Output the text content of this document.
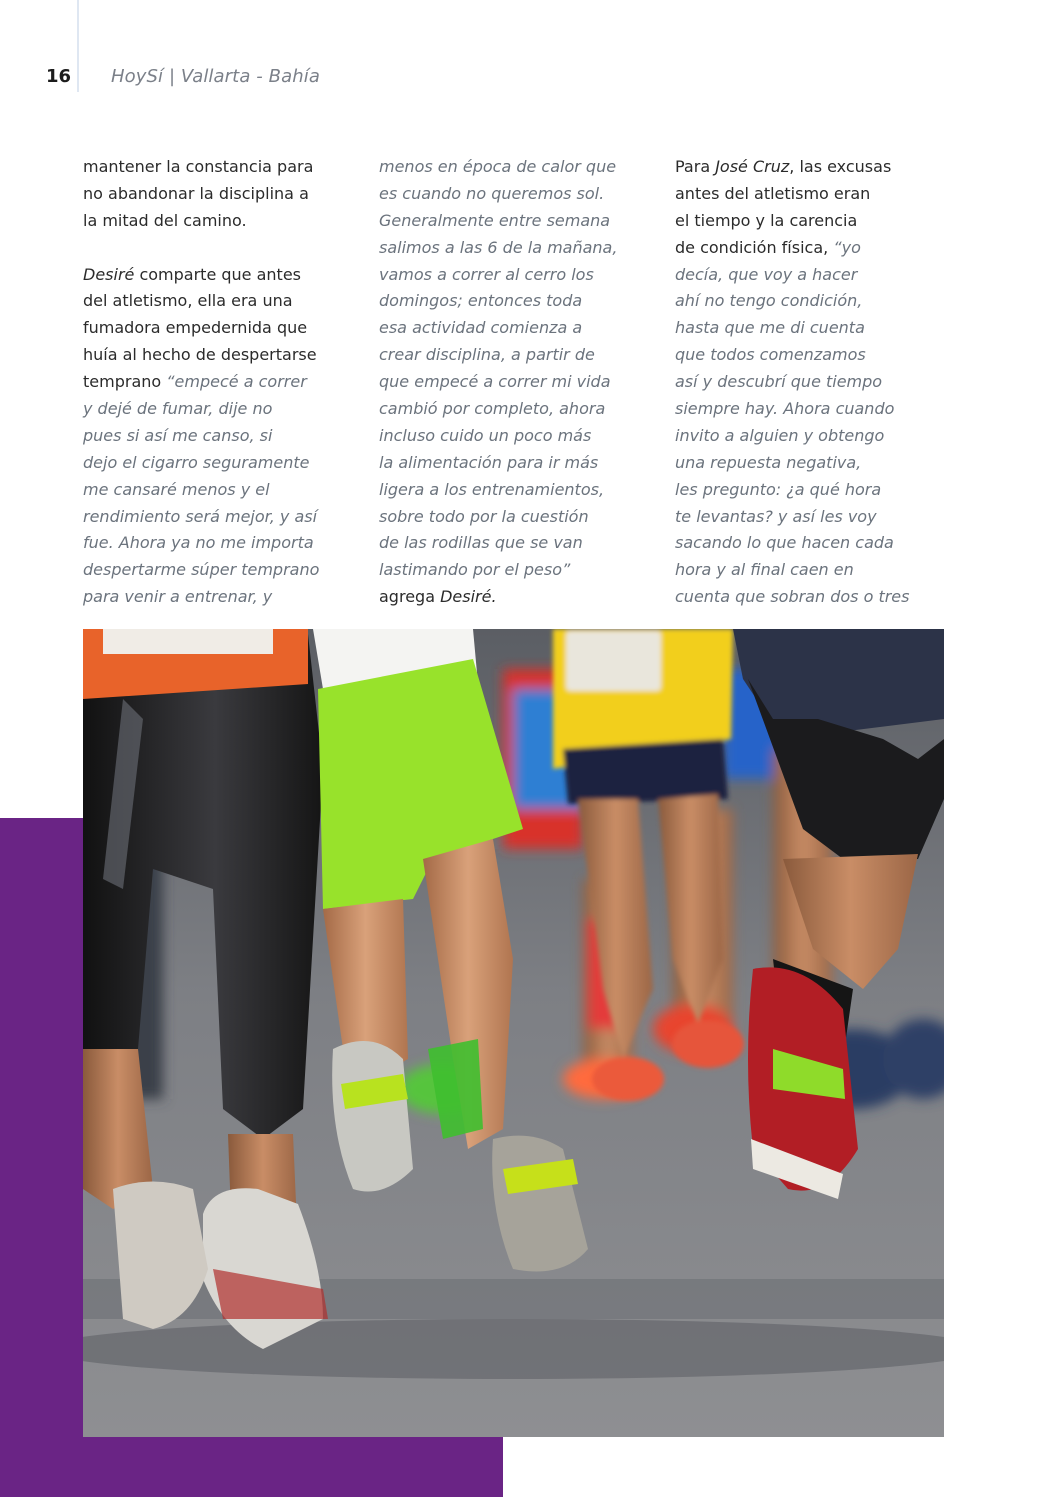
16 HoySí | Vallarta - Bahía
mantener la constancia para
no abandonar la disciplina a
la mitad del camino.
Desiré comparte que antes
del atletismo, ella era una
fumadora empedernida que
huía al hecho de despertarse
temprano “empecé a correr
y dejé de fumar, dije no
pues si así me canso, si
dejo el cigarro seguramente
me cansaré menos y el
rendimiento será mejor, y así
fue. Ahora ya no me importa
despertarme súper temprano
para venir a entrenar, y
menos en época de calor que
es cuando no queremos sol.
Generalmente entre semana
salimos a las 6 de la mañana,
vamos a correr al cerro los
domingos; entonces toda
esa actividad comienza a
crear disciplina, a partir de
que empecé a correr mi vida
cambió por completo, ahora
incluso cuido un poco más
la alimentación para ir más
ligera a los entrenamientos,
sobre todo por la cuestión
de las rodillas que se van
lastimando por el peso”
agrega Desiré.
Para José Cruz, las excusas
antes del atletismo eran
el tiempo y la carencia
de condición física, “yo
decía, que voy a hacer
ahí no tengo condición,
hasta que me di cuenta
que todos comenzamos
así y descubrí que tiempo
siempre hay. Ahora cuando
invito a alguien y obtengo
una repuesta negativa,
les pregunto: ¿a qué hora
te levantas? y así les voy
sacando lo que hacen cada
hora y al final caen en
cuenta que sobran dos o tres
